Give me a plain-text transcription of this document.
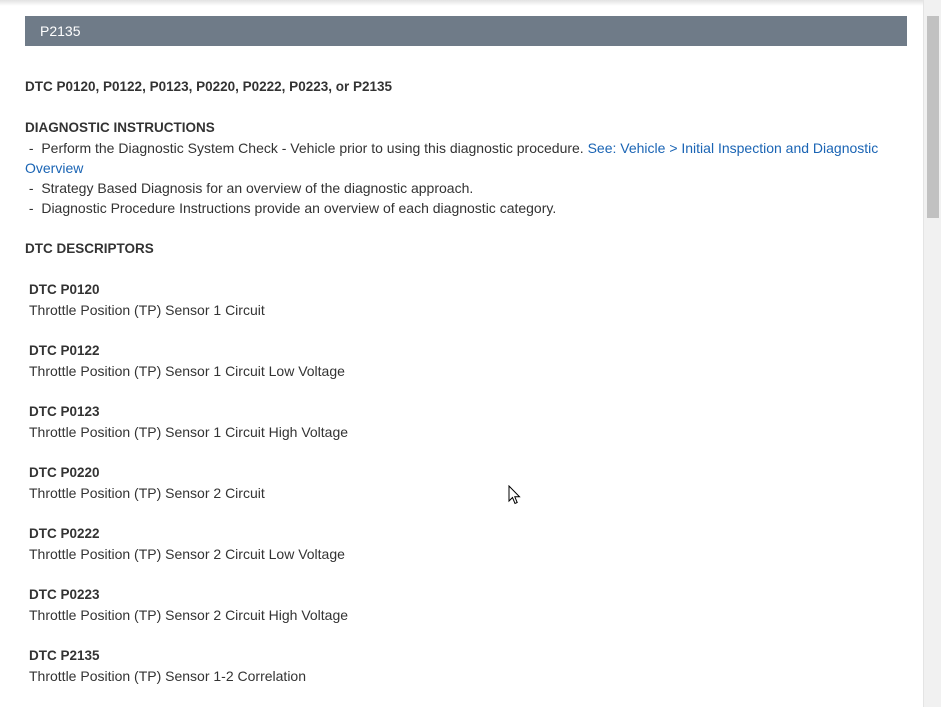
P2135
DTC P0120, P0122, P0123, P0220, P0222, P0223, or P2135
DIAGNOSTIC INSTRUCTIONS
-  Perform the Diagnostic System Check - Vehicle prior to using this diagnostic procedure. See: Vehicle > Initial Inspection and Diagnostic Overview
-  Strategy Based Diagnosis for an overview of the diagnostic approach.
-  Diagnostic Procedure Instructions provide an overview of each diagnostic category.
DTC DESCRIPTORS
DTC P0120
Throttle Position (TP) Sensor 1 Circuit
DTC P0122
Throttle Position (TP) Sensor 1 Circuit Low Voltage
DTC P0123
Throttle Position (TP) Sensor 1 Circuit High Voltage
DTC P0220
Throttle Position (TP) Sensor 2 Circuit
DTC P0222
Throttle Position (TP) Sensor 2 Circuit Low Voltage
DTC P0223
Throttle Position (TP) Sensor 2 Circuit High Voltage
DTC P2135
Throttle Position (TP) Sensor 1-2 Correlation
